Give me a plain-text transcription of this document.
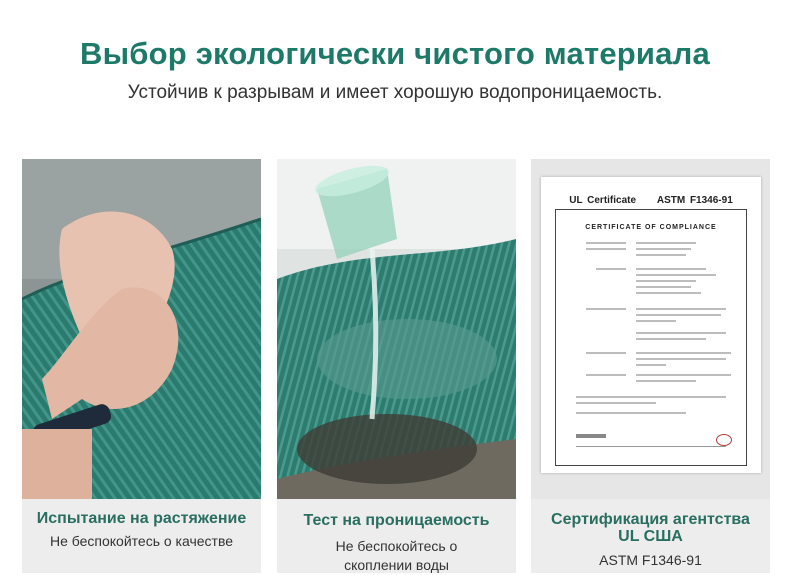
Выбор экологически чистого материала
Устойчив к разрывам и имеет хорошую водопроницаемость.
UL Certificate ASTM F1346-91
CERTIFICATE OF COMPLIANCE
Испытание на растяжение
Не беспокойтесь о качестве
Тест на проницаемость
Не беспокойтесь о
скоплении воды
Сертификация агентства
UL США
ASTM F1346-91
